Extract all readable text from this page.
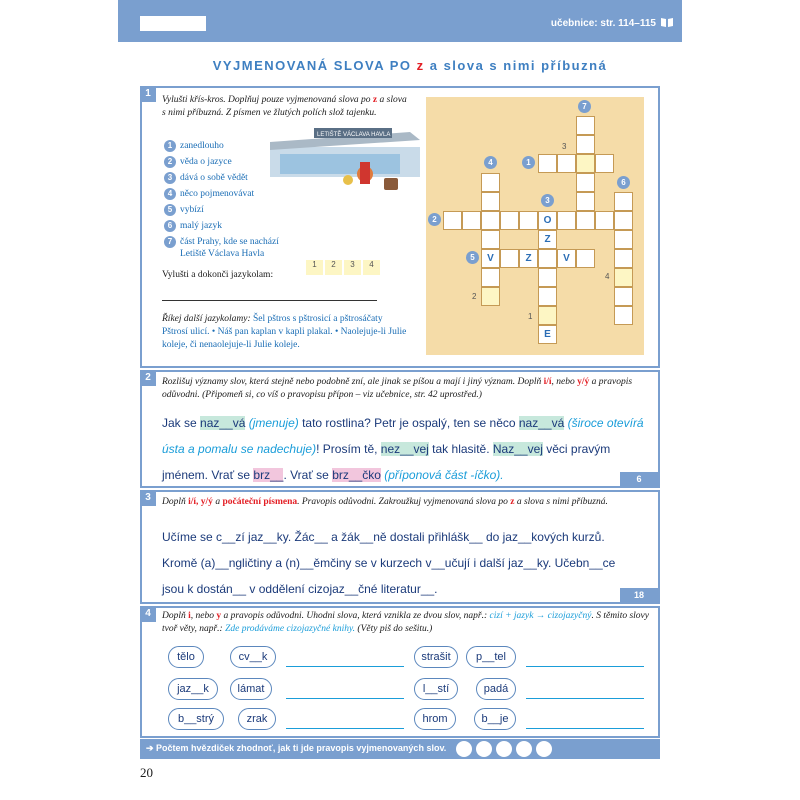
učebnice: str. 114–115
VYJMENOVANÁ SLOVA PO z a slova s nimi příbuzná
1
Vylušti křís-kros. Doplňuj pouze vyjmenovaná slova po z a slova s nimi příbuzná. Z písmen ve žlutých polích slož tajenku.
1 zanedlouho
2 věda o jazyce
3 dává o sobě vědět
4 něco pojmenovávat
5 vybízí
6 malý jazyk
7 část Prahy, kde se nachází
Letiště Václava Havla
Vylušti a dokonči jazykolam:
1	2	3	4
Říkej další jazykolamy: Šel pštros s pštrosicí a pštrosáčaty Pštrosí ulicí. • Náš pan kaplan v kapli plakal. • Naolejuje-li Julie koleje, či nenaolejuje-li Julie koleje.
LETIŠTĚ VÁCLAVA HAVLA
7
3
1
4
6
3
2	O
Z
5	V	Z	V
4
2
1
E
2	Rozlišuj významy slov, která stejně nebo podobně zní, ale jinak se píšou a mají i jiný význam. Doplň i/í, nebo y/ý a pravopis odůvodni. (Připomeň si, co víš o pravopisu přípon – viz učebnice, str. 42 uprostřed.)
Jak se naz__vá (jmenuje) tato rostlina? Petr je ospalý, ten se něco naz__vá (široce otevírá
ústa a pomalu se nadechuje)! Prosím tě, nez__vej tak hlasitě. Naz__vej věci pravým
jménem. Vrať se brz__. Vrať se brz__čko (příponová část -íčko).	6
3	Doplň i/í, y/ý a počáteční písmena. Pravopis odůvodni. Zakroužkuj vyjmenovaná slova po z a slova s nimi příbuzná.
Učíme se c__zí jaz__ky. Žác__ a žák__ně dostali přihlášk__ do jaz__kových kurzů.
Kromě (a)__ngličtiny a (n)__ěmčiny se v kurzech v__učují i další jaz__ky. Učebn__ce
jsou k dostán__ v oddělení cizojaz__čné literatur__.	18
4	Doplň i, nebo y a pravopis odůvodni. Uhodni slova, která vznikla ze dvou slov, např.: cizí + jazyk → cizojazyčný. S těmito slovy tvoř věty, např.: Zde prodáváme cizojazyčné knihy. (Věty piš do sešitu.)
tělo	cv__k	strašit	p__tel
jaz__k	lámat	l__stí	padá
b__strý	zrak	hrom	b__je
➔ Počtem hvězdiček zhodnoť, jak ti jde pravopis vyjmenovaných slov.
20
